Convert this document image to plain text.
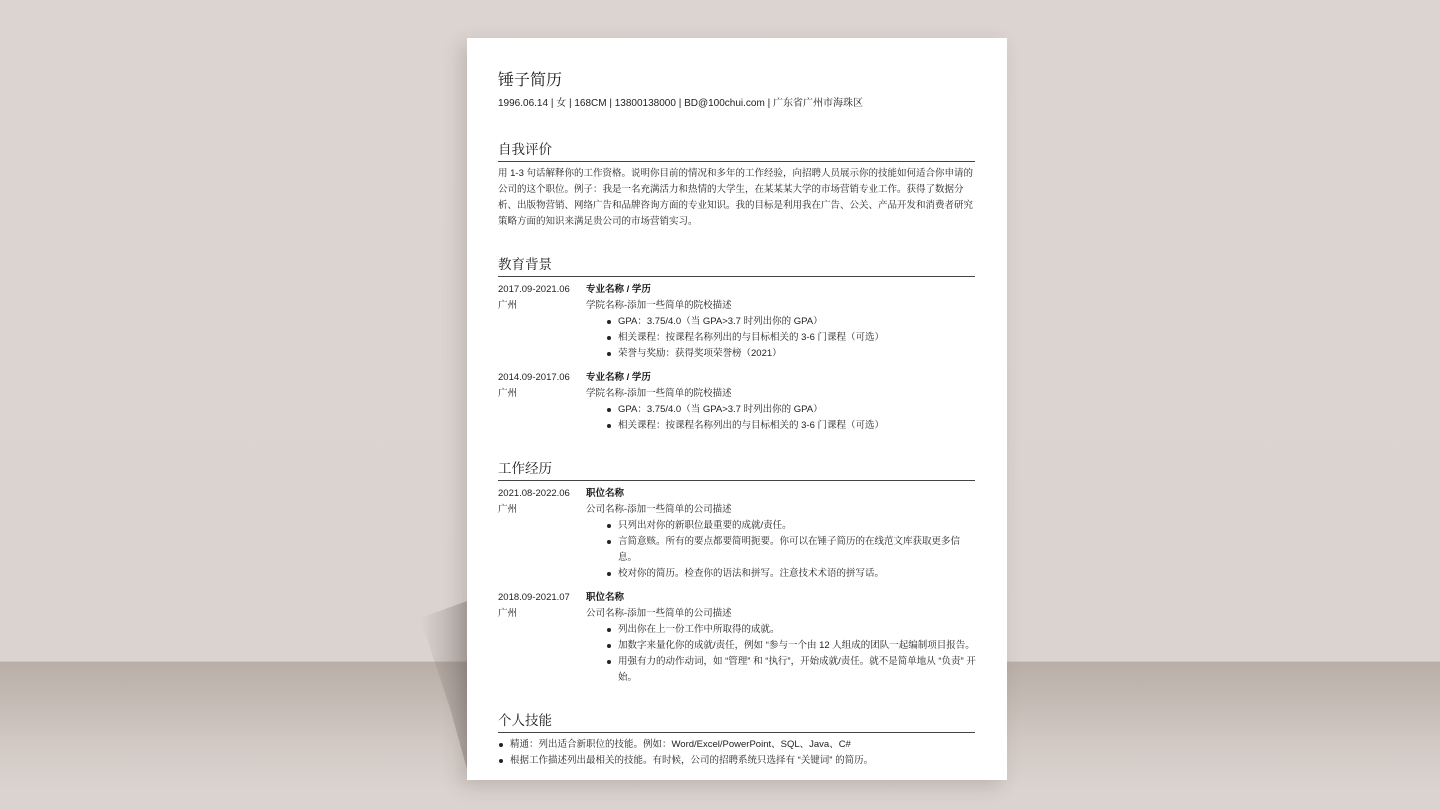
锤子简历
1996.06.14 | 女 | 168CM | 13800138000 | BD@100chui.com | 广东省广州市海珠区
自我评价
用 1-3 句话解释你的工作资格。说明你目前的情况和多年的工作经验，向招聘人员展示你的技能如何适合你申请的公司的这个职位。例子：我是一名充满活力和热情的大学生，在某某某大学的市场营销专业工作。获得了数据分析、出版物营销、网络广告和品牌咨询方面的专业知识。我的目标是利用我在广告、公关、产品开发和消费者研究策略方面的知识来满足贵公司的市场营销实习。
教育背景
2017.09-2021.06	专业名称 / 学历
广州	学院名称-添加一些简单的院校描述
GPA：3.75/4.0（当 GPA>3.7 时列出你的 GPA）
相关课程：按课程名称列出的与目标相关的 3-6 门课程（可选）
荣誉与奖励：获得奖项荣誉榜（2021）
2014.09-2017.06	专业名称 / 学历
广州	学院名称-添加一些简单的院校描述
GPA：3.75/4.0（当 GPA>3.7 时列出你的 GPA）
相关课程：按课程名称列出的与目标相关的 3-6 门课程（可选）
工作经历
2021.08-2022.06	职位名称
广州	公司名称-添加一些简单的公司描述
只列出对你的新职位最重要的成就/责任。
言简意赅。所有的要点都要简明扼要。你可以在锤子简历的在线范文库获取更多信息。
校对你的简历。检查你的语法和拼写。注意技术术语的拼写话。
2018.09-2021.07	职位名称
广州	公司名称-添加一些简单的公司描述
列出你在上一份工作中所取得的成就。
加数字来量化你的成就/责任，例如 “参与一个由 12 人组成的团队一起编制项目报告。
用强有力的动作动词，如 “管理” 和 “执行”，开始成就/责任。就不是简单地从 “负责” 开始。
个人技能
精通：列出适合新职位的技能。例如：Word/Excel/PowerPoint、SQL、Java、C#
根据工作描述列出最相关的技能。有时候，公司的招聘系统只选择有 “关键词” 的简历。
